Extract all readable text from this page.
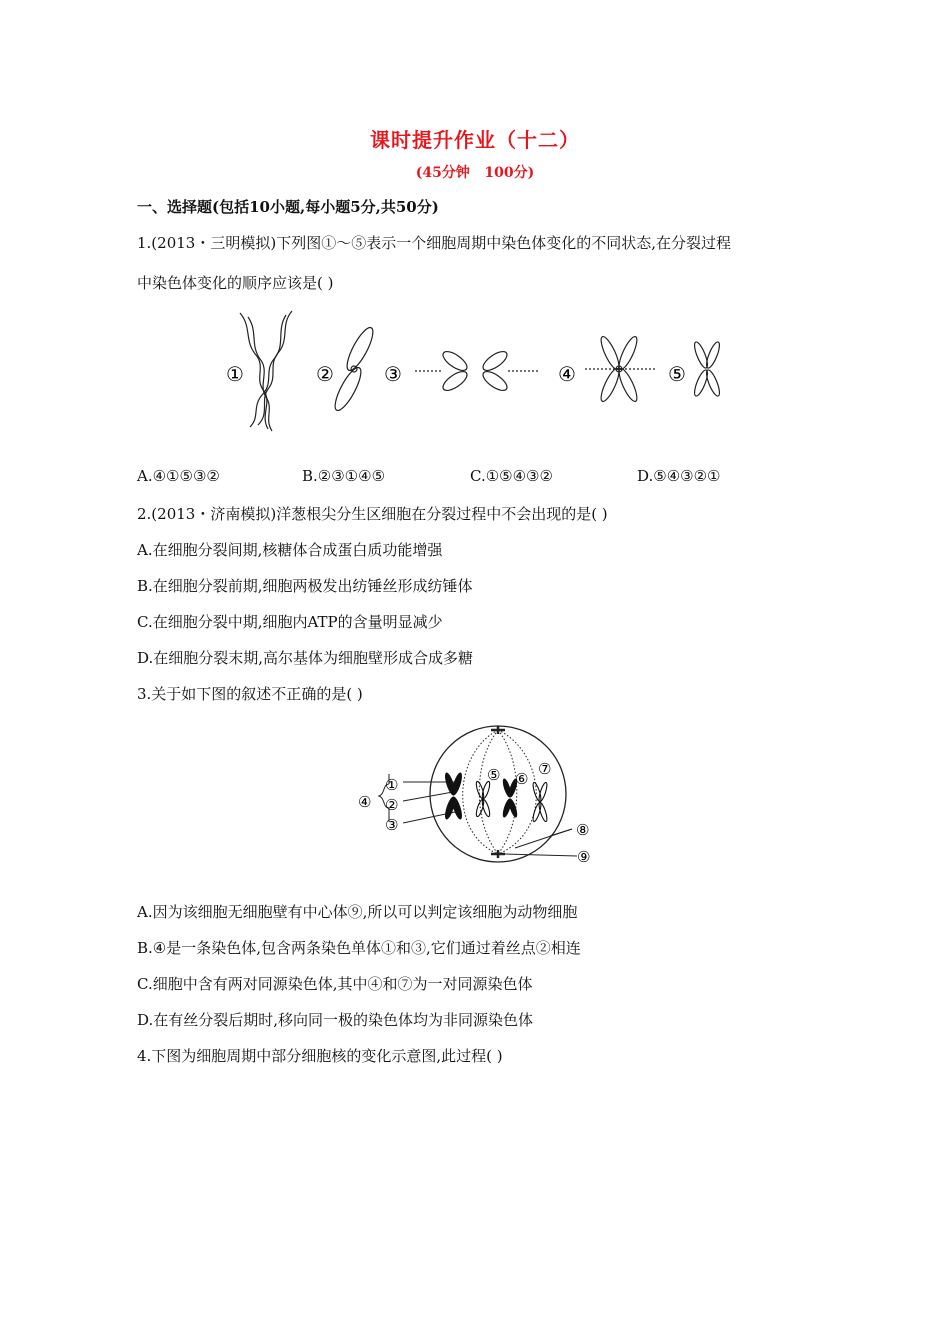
课时提升作业（十二）
(45分钟   100分)
一、选择题(包括10小题,每小题5分,共50分)
1.(2013・三明模拟)下列图①～⑤表示一个细胞周期中染色体变化的不同状态,在分裂过程
中染色体变化的顺序应该是( )
①	②	③	④	⑤
A.④①⑤③②	B.②③①④⑤	C.①⑤④③②	D.⑤④③②①
2.(2013・济南模拟)洋葱根尖分生区细胞在分裂过程中不会出现的是( )
A.在细胞分裂间期,核糖体合成蛋白质功能增强
B.在细胞分裂前期,细胞两极发出纺锤丝形成纺锤体
C.在细胞分裂中期,细胞内ATP的含量明显减少
D.在细胞分裂末期,高尔基体为细胞壁形成合成多糖
3.关于如下图的叙述不正确的是( )
①
②
③
④
⑤ ⑥
⑦
⑧
⑨
A.因为该细胞无细胞壁有中心体⑨,所以可以判定该细胞为动物细胞
B.④是一条染色体,包含两条染色单体①和③,它们通过着丝点②相连
C.细胞中含有两对同源染色体,其中④和⑦为一对同源染色体
D.在有丝分裂后期时,移向同一极的染色体均为非同源染色体
4.下图为细胞周期中部分细胞核的变化示意图,此过程( )
